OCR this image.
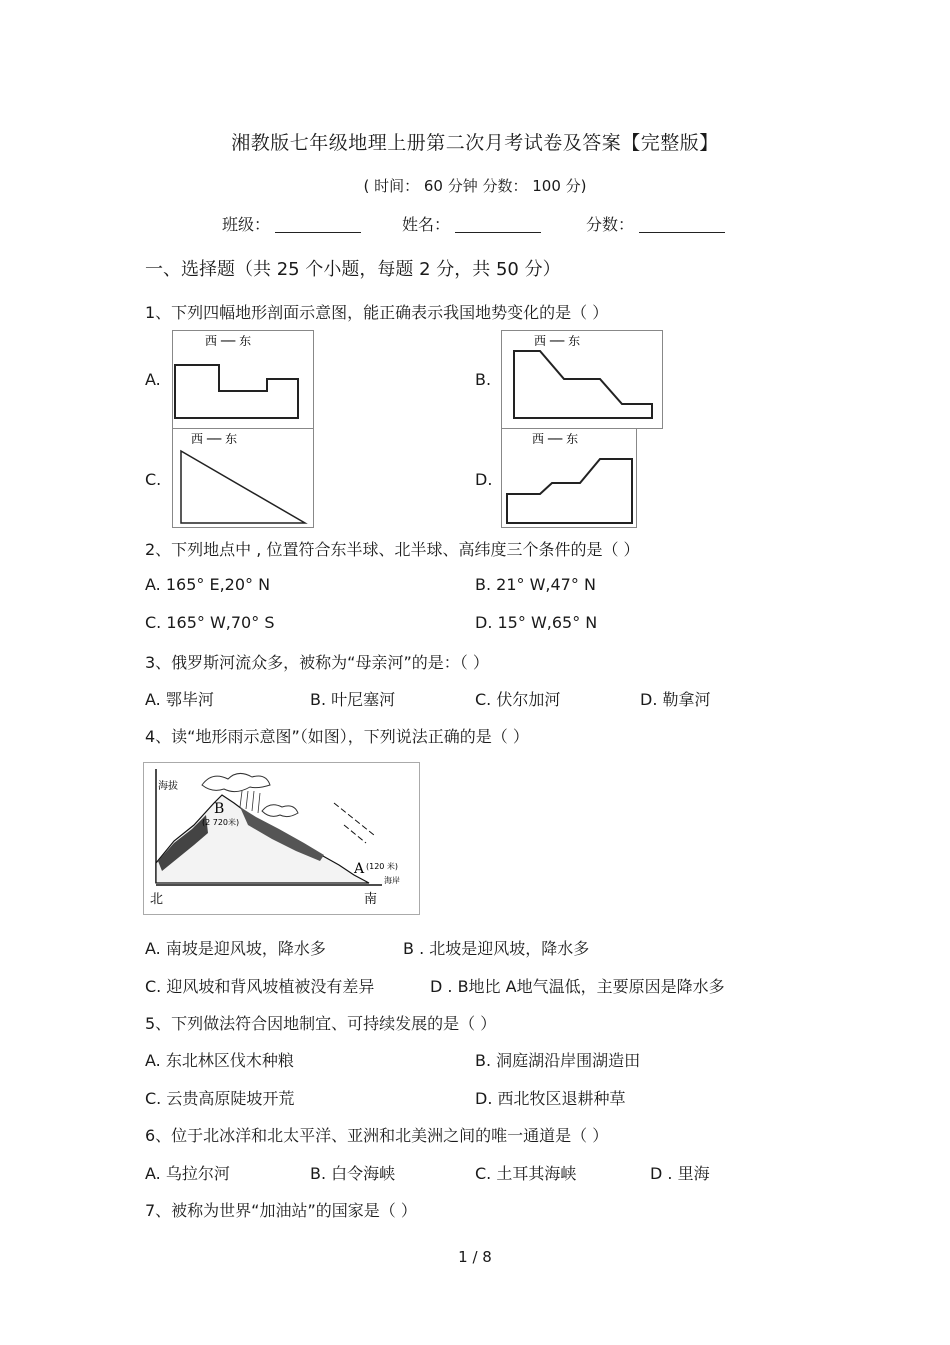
湘教版七年级地理上册第二次月考试卷及答案【完整版】
( 时间： 60 分钟 分数： 100 分)
班级：	姓名：	分数：
一、选择题（共 25 个小题，每题 2 分，共 50 分）
1、下列四幅地形剖面示意图，能正确表示我国地势变化的是（ ）
A.
西 ── 东
B.
西 ── 东
C.
西 ── 东
D.
西 ── 东
2、下列地点中 , 位置符合东半球、北半球、高纬度三个条件的是（ ）
A. 165° E,20° N	B. 21° W,47° N
C. 165° W,70° S	D. 15° W,65° N
3、俄罗斯河流众多，被称为“母亲河”的是：（ ）
A. 鄂毕河	B. 叶尼塞河	C. 伏尔加河	D. 勒拿河
4、读“地形雨示意图”（如图），下列说法正确的是（ ）
海拔
B
(2 720米)
A (120 米)
海岸
北	南
A. 南坡是迎风坡，降水多	B . 北坡是迎风坡，降水多
C. 迎风坡和背风坡植被没有差异	D . B地比 A地气温低，主要原因是降水多
5、下列做法符合因地制宜、可持续发展的是（ ）
A. 东北林区伐木种粮	B. 洞庭湖沿岸围湖造田
C. 云贵高原陡坡开荒	D. 西北牧区退耕种草
6、位于北冰洋和北太平洋、亚洲和北美洲之间的唯一通道是（ ）
A. 乌拉尔河	B. 白令海峡	C. 土耳其海峡	D . 里海
7、被称为世界“加油站”的国家是（ ）
1 / 8
